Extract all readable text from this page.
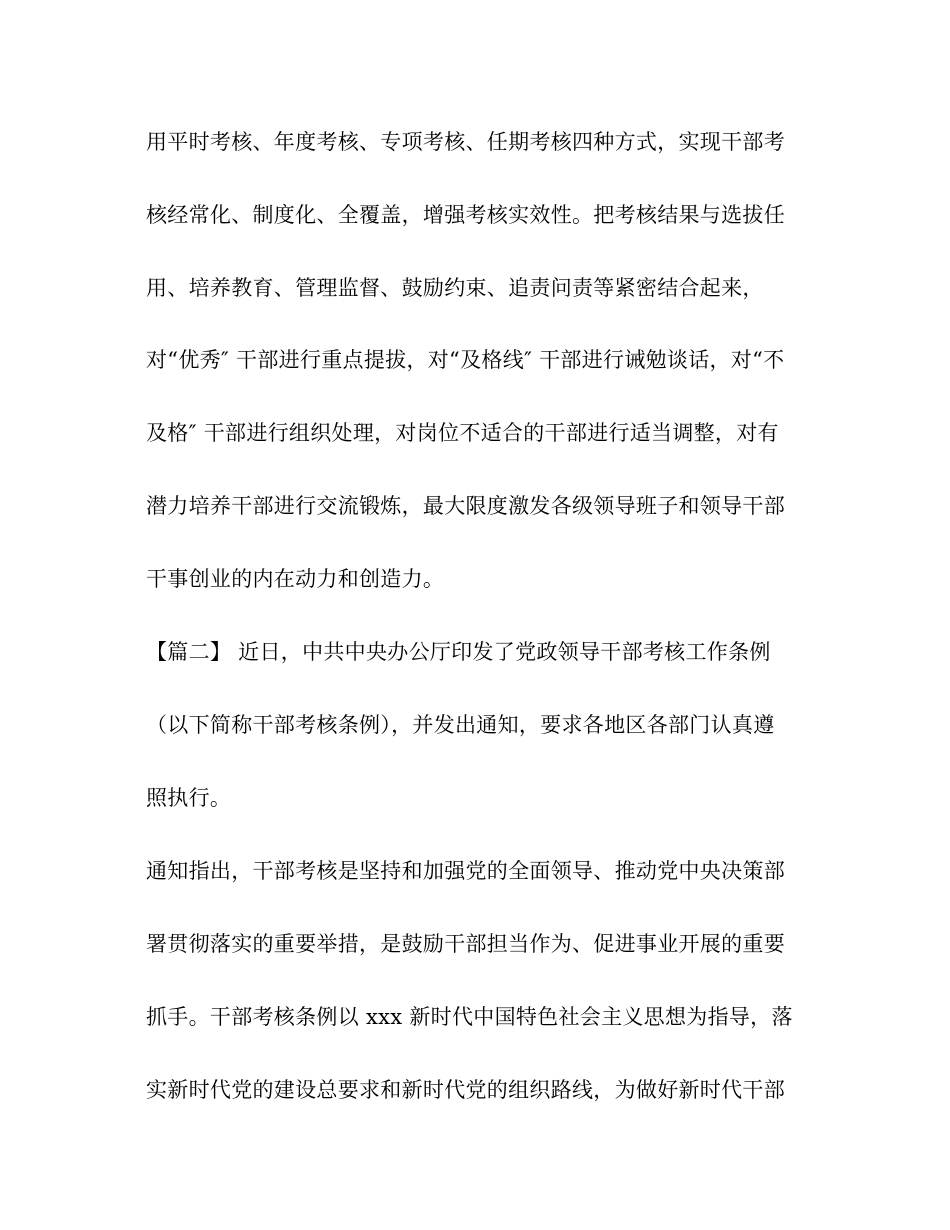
用平时考核、年度考核、专项考核、任期考核四种方式，实现干部考
核经常化、制度化、全覆盖，增强考核实效性。把考核结果与选拔任
用、培养教育、管理监督、鼓励约束、追责问责等紧密结合起来，
对“优秀″ 干部进行重点提拔，对“及格线″ 干部进行诫勉谈话，对“不
及格″ 干部进行组织处理，对岗位不适合的干部进行适当调整，对有
潜力培养干部进行交流锻炼，最大限度激发各级领导班子和领导干部
干事创业的内在动力和创造力。
【篇二】 近日，中共中央办公厅印发了党政领导干部考核工作条例
（以下简称干部考核条例），并发出通知，要求各地区各部门认真遵
照执行。
通知指出，干部考核是坚持和加强党的全面领导、推动党中央决策部
署贯彻落实的重要举措，是鼓励干部担当作为、促进事业开展的重要
抓手。干部考核条例以 xxx 新时代中国特色社会主义思想为指导，落
实新时代党的建设总要求和新时代党的组织路线，为做好新时代干部
